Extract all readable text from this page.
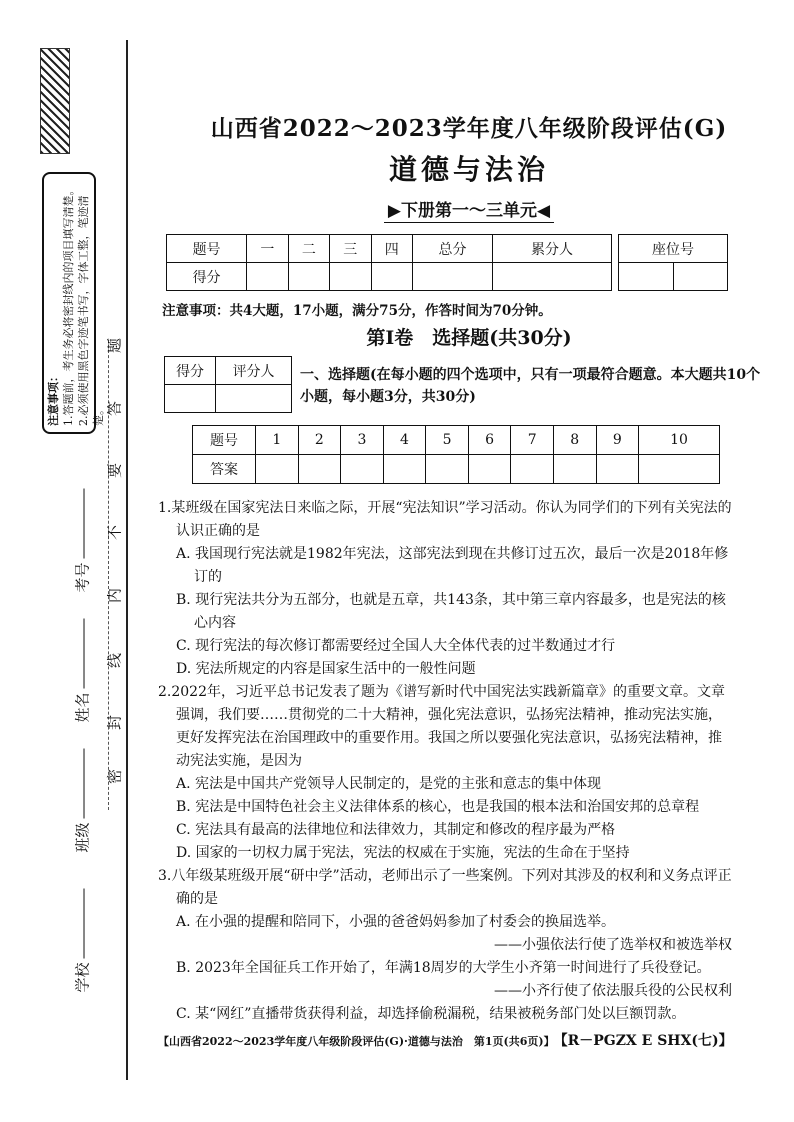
注意事项： 1.答题前，考生务必将密封线内的项目填写清楚。 2.必须使用黑色字迹笔书写，字体工整，笔迹清楚。
题
答
要
不
内
线
封
密
考号
姓名
班级
学校
山西省2022～2023学年度八年级阶段评估(G)
道德与法治
▶下册第一～三单元◀
题号	一	二	三	四	总分	累分人
得分						
座位号

注意事项：共4大题，17小题，满分75分，作答时间为70分钟。
第Ⅰ卷　选择题(共30分)
得分	评分人
	一、选择题(在每小题的四个选项中，只有一项最符合题意。本大题共10个小题，每小题3分，共30分)
题号	1	2	3	4	5	6	7	8	9	10
答案										
1.某班级在国家宪法日来临之际，开展“宪法知识”学习活动。你认为同学们的下列有关宪法的认识正确的是
A. 我国现行宪法就是1982年宪法，这部宪法到现在共修订过五次，最后一次是2018年修订的
B. 现行宪法共分为五部分，也就是五章，共143条，其中第三章内容最多，也是宪法的核心内容
C. 现行宪法的每次修订都需要经过全国人大全体代表的过半数通过才行
D. 宪法所规定的内容是国家生活中的一般性问题
2.2022年，习近平总书记发表了题为《谱写新时代中国宪法实践新篇章》的重要文章。文章强调，我们要……贯彻党的二十大精神，强化宪法意识，弘扬宪法精神，推动宪法实施，更好发挥宪法在治国理政中的重要作用。我国之所以要强化宪法意识，弘扬宪法精神，推动宪法实施，是因为
A. 宪法是中国共产党领导人民制定的，是党的主张和意志的集中体现
B. 宪法是中国特色社会主义法律体系的核心，也是我国的根本法和治国安邦的总章程
C. 宪法具有最高的法律地位和法律效力，其制定和修改的程序最为严格
D. 国家的一切权力属于宪法，宪法的权威在于实施，宪法的生命在于坚持
3.八年级某班级开展“研中学”活动，老师出示了一些案例。下列对其涉及的权利和义务点评正确的是
A. 在小强的提醒和陪同下，小强的爸爸妈妈参加了村委会的换届选举。
——小强依法行使了选举权和被选举权
B. 2023年全国征兵工作开始了，年满18周岁的大学生小齐第一时间进行了兵役登记。
——小齐行使了依法服兵役的公民权利
C. 某“网红”直播带货获得利益，却选择偷税漏税，结果被税务部门处以巨额罚款。
【山西省2022～2023学年度八年级阶段评估(G)·道德与法治　第1页(共6页)】 【R－PGZX E SHX(七)】
